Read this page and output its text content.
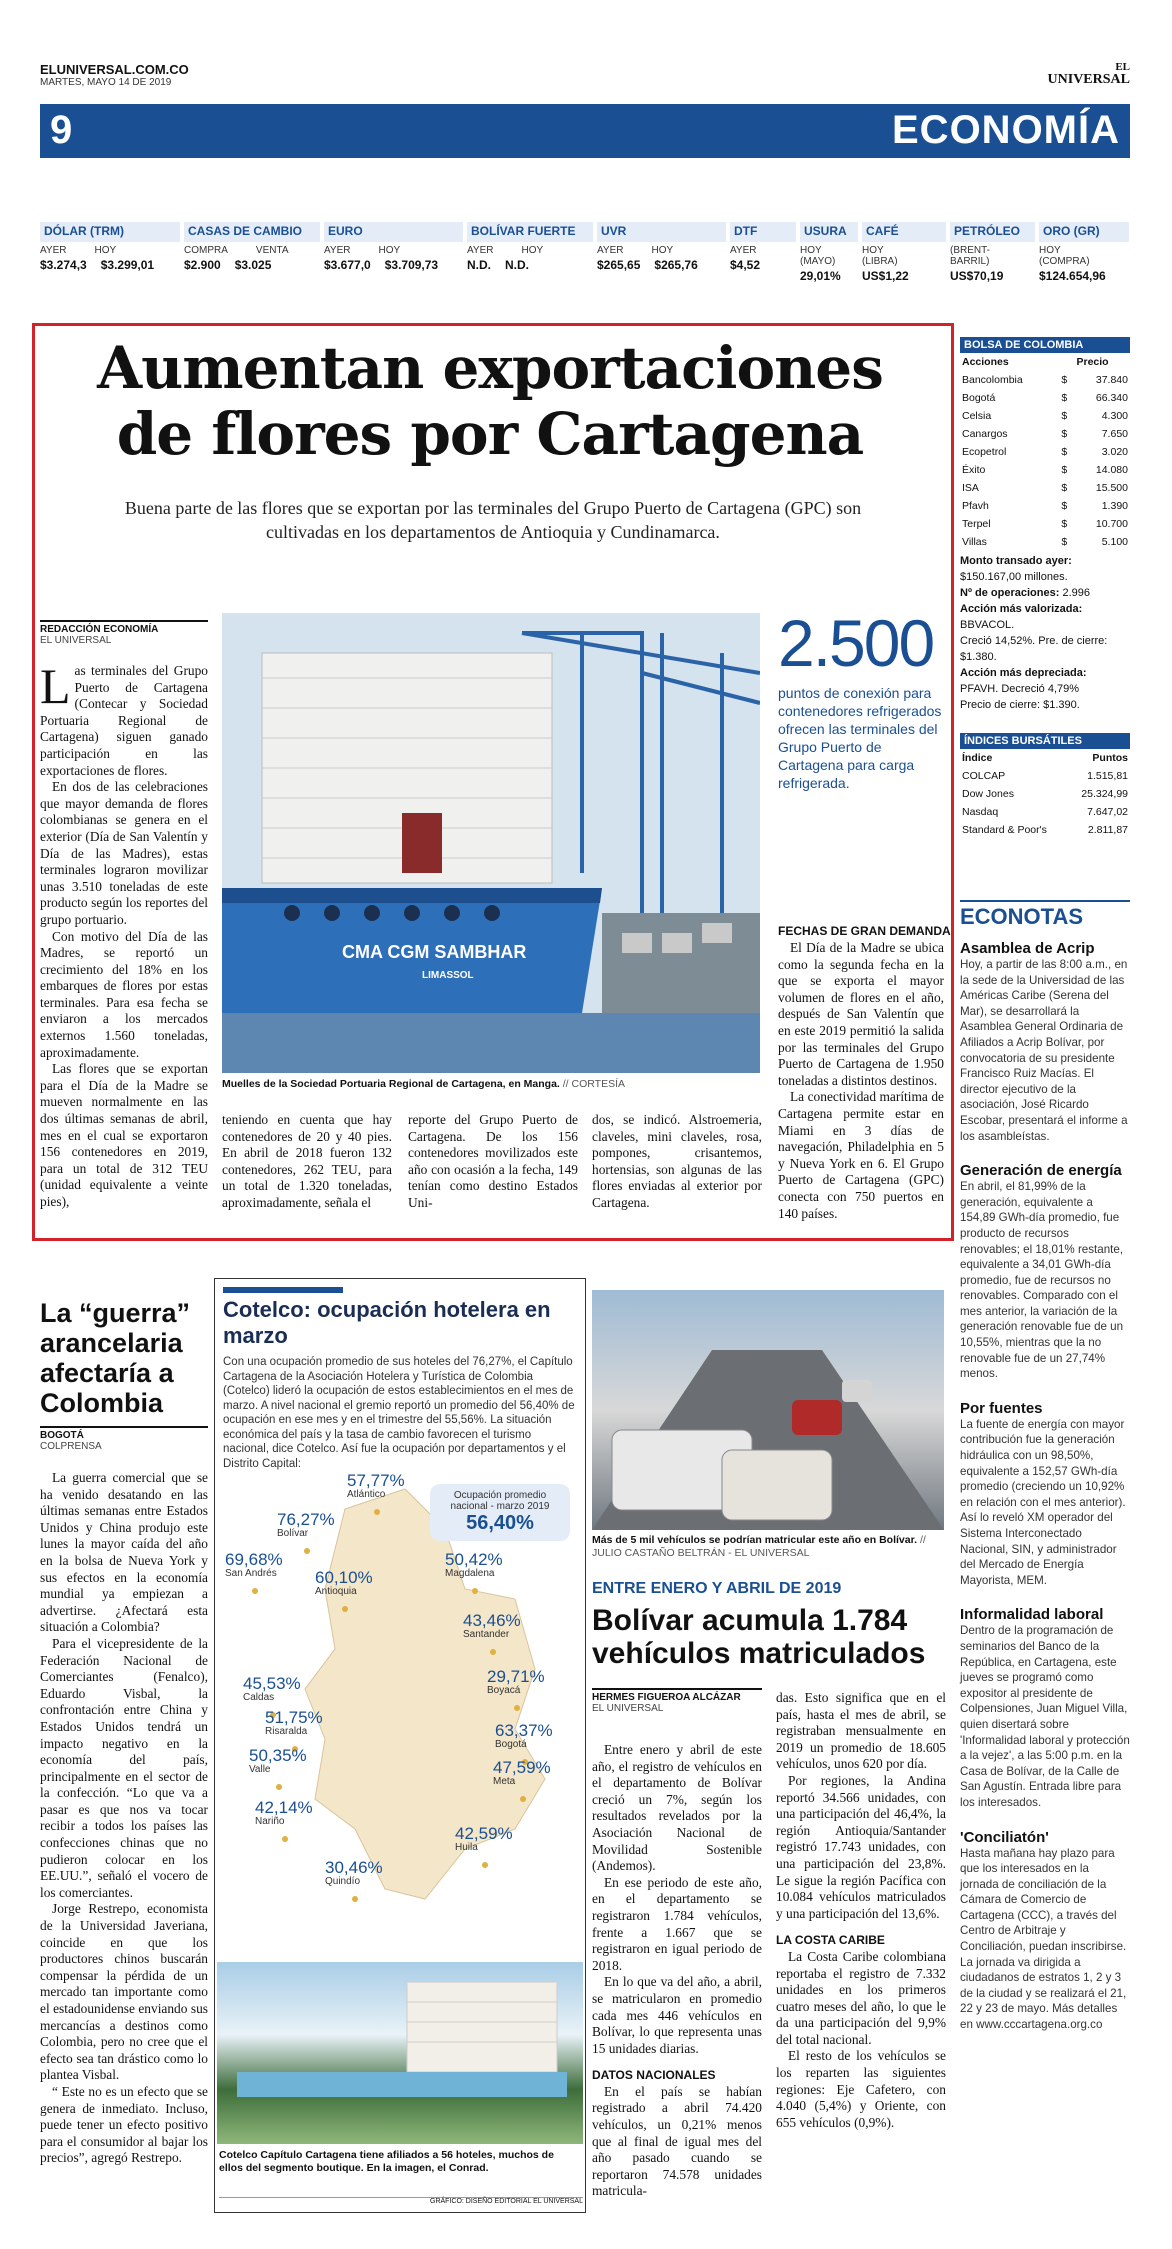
ELUNIVERSAL.COM.CO
MARTES, MAYO 14 DE 2019
EL
UNIVERSAL
9	ECONOMÍA
DÓLAR (TRM)
AYER	HOY
$3.274,3 $3.299,01
CASAS DE CAMBIO
COMPRA	VENTA
$2.900 $3.025
EURO
AYER	HOY
$3.677,0 $3.709,73
BOLÍVAR FUERTE
AYER	HOY
N.D. N.D.
UVR
AYER	HOY
$265,65 $265,76
DTF
AYER
$4,52
USURA
HOY (MAYO)
29,01%
CAFÉ
HOY (LIBRA)
US$1,22
PETRÓLEO
(BRENT-BARRIL)
US$70,19
ORO (GR)
HOY (COMPRA)
$124.654,96
Aumentan exportaciones
de flores por Cartagena
Buena parte de las flores que se exportan por las terminales del Grupo Puerto de Cartagena (GPC) son cultivadas en los departamentos de Antioquia y Cundinamarca.
REDACCIÓN ECONOMÍA
EL UNIVERSAL

Las terminales del Grupo Puerto de Cartagena (Contecar y Sociedad Portuaria Regional de Cartagena) siguen ganado participación en las exportaciones de flores.

En dos de las celebraciones que mayor demanda de flores colombianas se genera en el exterior (Día de San Valentín y Día de las Madres), estas terminales lograron movilizar unas 3.510 toneladas de este producto según los reportes del grupo portuario.

Con motivo del Día de las Madres, se reportó un crecimiento del 18% en los embarques de flores por estas terminales. Para esa fecha se enviaron a los mercados externos 1.560 toneladas, aproximadamente.

Las flores que se exportan para el Día de la Madre se mueven normalmente en las dos últimas semanas de abril, mes en el cual se exportaron 156 contenedores en 2019, para un total de 312 TEU (unidad equivalente a veinte pies),

CMA CGM SAMBHAR
LIMASSOL
Muelles de la Sociedad Portuaria Regional de Cartagena, en Manga. // CORTESÍA
2.500
puntos de conexión para contenedores refrigerados ofrecen las terminales del Grupo Puerto de Cartagena para carga refrigerada.
FECHAS DE GRAN DEMANDA

El Día de la Madre se ubica como la segunda fecha en la que se exporta el mayor volumen de flores en el año, después de San Valentín que en este 2019 permitió la salida por las terminales del Grupo Puerto de Cartagena de 1.950 toneladas a distintos destinos.

La conectividad marítima de Cartagena permite estar en Miami en 3 días de navegación, Philadelphia en 5 y Nueva York en 6. El Grupo Puerto de Cartagena (GPC) conecta con 750 puertos en 140 países.

teniendo en cuenta que hay contenedores de 20 y 40 pies. En abril de 2018 fueron 132 contenedores, 262 TEU, para un total de 1.320 toneladas, aproximadamente, señala el
reporte del Grupo Puerto de Cartagena. De los 156 contenedores movilizados este año con ocasión a la fecha, 149 tenían como destino Estados Uni-
dos, se indicó. Alstroemeria, claveles, mini claveles, rosa, pompones, crisantemos, hortensias, son algunas de las flores enviadas al exterior por Cartagena.
BOLSA DE COLOMBIA
Acciones		Precio
Bancolombia	$	37.840
Bogotá	$	66.340
Celsia	$	4.300
Canargos	$	7.650
Ecopetrol	$	3.020
Éxito	$	14.080
ISA	$	15.500
Pfavh	$	1.390
Terpel	$	10.700
Villas	$	5.100
Monto transado ayer:
$150.167,00 millones.
Nº de operaciones: 2.996
Acción más valorizada: BBVACOL.
Creció 14,52%. Pre. de cierre: $1.380.
Acción más depreciada:
PFAVH. Decreció 4,79%
Precio de cierre: $1.390.
ÍNDICES BURSÁTILES
Índice	Puntos
COLCAP	1.515,81
Dow Jones	25.324,99
Nasdaq	7.647,02
Standard & Poor's	2.811,87
ECONOTAS
Asamblea de Acrip
Hoy, a partir de las 8:00 a.m., en la sede de la Universidad de las Américas Caribe (Serena del Mar), se desarrollará la Asamblea General Ordinaria de Afiliados a Acrip Bolívar, por convocatoria de su presidente Francisco Ruiz Macías. El director ejecutivo de la asociación, José Ricardo Escobar, presentará el informe a los asambleístas.
Generación de energía
En abril, el 81,99% de la generación, equivalente a 154,89 GWh-día promedio, fue producto de recursos renovables; el 18,01% restante, equivalente a 34,01 GWh-día promedio, fue de recursos no renovables. Comparado con el mes anterior, la variación de la generación renovable fue de un 10,55%, mientras que la no renovable fue de un 27,74% menos.
Por fuentes
La fuente de energía con mayor contribución fue la generación hidráulica con un 98,50%, equivalente a 152,57 GWh-día promedio (creciendo un 10,92% en relación con el mes anterior). Así lo reveló XM operador del Sistema Interconectado Nacional, SIN, y administrador del Mercado de Energía Mayorista, MEM.
Informalidad laboral
Dentro de la programación de seminarios del Banco de la República, en Cartagena, este jueves se programó como expositor al presidente de Colpensiones, Juan Miguel Villa, quien disertará sobre 'Informalidad laboral y protección a la vejez', a las 5:00 p.m. en la Casa de Bolívar, de la Calle de San Agustín. Entrada libre para los interesados.
'Conciliatón'
Hasta mañana hay plazo para que los interesados en la jornada de conciliación de la Cámara de Comercio de Cartagena (CCC), a través del Centro de Arbitraje y Conciliación, puedan inscribirse. La jornada va dirigida a ciudadanos de estratos 1, 2 y 3 de la ciudad y se realizará el 21, 22 y 23 de mayo. Más detalles en www.cccartagena.org.co
La “guerra” arancelaria afectaría a Colombia
BOGOTÁ
COLPRENSA

La guerra comercial que se ha venido desatando en las últimas semanas entre Estados Unidos y China produjo este lunes la mayor caída del año en la bolsa de Nueva York y sus efectos en la economía mundial ya empiezan a advertirse. ¿Afectará esta situación a Colombia?

Para el vicepresidente de la Federación Nacional de Comerciantes (Fenalco), Eduardo Visbal, la confrontación entre China y Estados Unidos tendrá un impacto negativo en la economía del país, principalmente en el sector de la confección. “Lo que va a pasar es que nos va tocar recibir a todos los países las confecciones chinas que no pudieron colocar en los EE.UU.”, señaló el vocero de los comerciantes.

Jorge Restrepo, economista de la Universidad Javeriana, coincide en que los productores chinos buscarán compensar la pérdida de un mercado tan importante como el estadounidense enviando sus mercancías a destinos como Colombia, pero no cree que el efecto sea tan drástico como lo plantea Visbal.

“ Este no es un efecto que se genera de inmediato. Incluso, puede tener un efecto positivo para el consumidor al bajar los precios”, agregó Restrepo.

Cotelco: ocupación hotelera en marzo
Con una ocupación promedio de sus hoteles del 76,27%, el Capítulo Cartagena de la Asociación Hotelera y Turística de Colombia (Cotelco) lideró la ocupación de estos establecimientos en el mes de marzo. A nivel nacional el gremio reportó un promedio del 56,40% de ocupación en ese mes y en el trimestre del 55,56%. La situación económica del país y la tasa de cambio favorecen el turismo nacional, dice Cotelco. Así fue la ocupación por departamentos y el Distrito Capital:
Ocupación promedio nacional - marzo 2019
56,40%
57,77%
Atlántico
76,27%
Bolívar
69,68%
San Andrés	60,10%
Antioquia
50,42%
Magdalena
43,46%
Santander
45,53%
Caldas
29,71%
Boyacá
51,75%
Risaralda	63,37%
Bogotá
50,35%
Valle	47,59%
Meta
42,14%
Nariño
42,59%
Huila
30,46%
Quindío
Cotelco Capítulo Cartagena tiene afiliados a 56 hoteles, muchos de ellos del segmento boutique. En la imagen, el Conrad.
GRÁFICO: DISEÑO EDITORIAL EL UNIVERSAL
Más de 5 mil vehículos se podrían matricular este año en Bolívar. // JULIO CASTAÑO BELTRÁN - EL UNIVERSAL
ENTRE ENERO Y ABRIL DE 2019
Bolívar acumula 1.784 vehículos matriculados
HERMES FIGUEROA ALCÁZAR
EL UNIVERSAL

Entre enero y abril de este año, el registro de vehículos en el departamento de Bolívar creció un 7%, según los resultados revelados por la Asociación Nacional de Movilidad Sostenible (Andemos).

En ese periodo de este año, en el departamento se registraron 1.784 vehículos, frente a 1.667 que se registraron en igual periodo de 2018.

En lo que va del año, a abril, se matricularon en promedio cada mes 446 vehículos en Bolívar, lo que representa unas 15 unidades diarias.

DATOS NACIONALES

En el país se habían registrado a abril 74.420 vehículos, un 0,21% menos que al final de igual mes del año pasado cuando se reportaron 74.578 unidades matricula-

das. Esto significa que en el país, hasta el mes de abril, se registraban mensualmente en 2019 un promedio de 18.605 vehículos, unos 620 por día.

Por regiones, la Andina reportó 34.566 unidades, con una participación del 46,4%, la región Antioquia/Santander registró 17.743 unidades, con una participación del 23,8%. Le sigue la región Pacífica con 10.084 vehículos matriculados y una participación del 13,6%.

LA COSTA CARIBE

La Costa Caribe colombiana reportaba el registro de 7.332 unidades en los primeros cuatro meses del año, lo que le da una participación del 9,9% del total nacional.

El resto de los vehículos se los reparten las siguientes regiones: Eje Cafetero, con 4.040 (5,4%) y Oriente, con 655 vehículos (0,9%).
